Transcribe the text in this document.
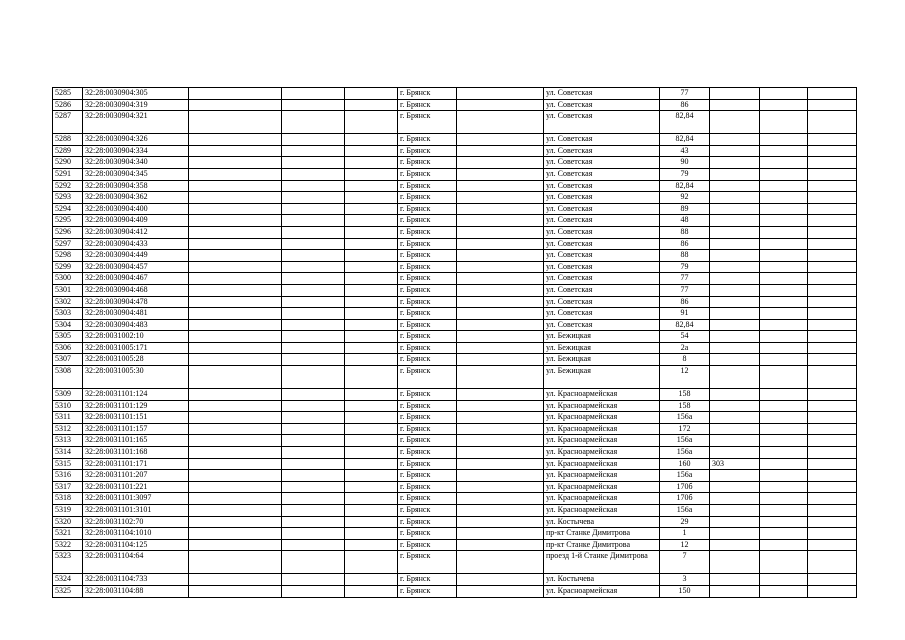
5285	32:28:0030904:305				г. Брянск		ул. Советская	77			
5286	32:28:0030904:319				г. Брянск		ул. Советская	86			
5287	32:28:0030904:321				г. Брянск		ул. Советская	82,84			
5288	32:28:0030904:326				г. Брянск		ул. Советская	82,84			
5289	32:28:0030904:334				г. Брянск		ул. Советская	43			
5290	32:28:0030904:340				г. Брянск		ул. Советская	90			
5291	32:28:0030904:345				г. Брянск		ул. Советская	79			
5292	32:28:0030904:358				г. Брянск		ул. Советская	82,84			
5293	32:28:0030904:362				г. Брянск		ул. Советская	92			
5294	32:28:0030904:400				г. Брянск		ул. Советская	89			
5295	32:28:0030904:409				г. Брянск		ул. Советская	48			
5296	32:28:0030904:412				г. Брянск		ул. Советская	88			
5297	32:28:0030904:433				г. Брянск		ул. Советская	86			
5298	32:28:0030904:449				г. Брянск		ул. Советская	88			
5299	32:28:0030904:457				г. Брянск		ул. Советская	79			
5300	32:28:0030904:467				г. Брянск		ул. Советская	77			
5301	32:28:0030904:468				г. Брянск		ул. Советская	77			
5302	32:28:0030904:478				г. Брянск		ул. Советская	86			
5303	32:28:0030904:481				г. Брянск		ул. Советская	91			
5304	32:28:0030904:483				г. Брянск		ул. Советская	82,84			
5305	32:28:0031002:10				г. Брянск		ул. Бежицкая	54			
5306	32:28:0031005:171				г. Брянск		ул. Бежицкая	2а			
5307	32:28:0031005:28				г. Брянск		ул. Бежицкая	8			
5308	32:28:0031005:30				г. Брянск		ул. Бежицкая	12			
5309	32:28:0031101:124				г. Брянск		ул. Красноармейская	158			
5310	32:28:0031101:129				г. Брянск		ул. Красноармейская	158			
5311	32:28:0031101:151				г. Брянск		ул. Красноармейская	156а			
5312	32:28:0031101:157				г. Брянск		ул. Красноармейская	172			
5313	32:28:0031101:165				г. Брянск		ул. Красноармейская	156а			
5314	32:28:0031101:168				г. Брянск		ул. Красноармейская	156а			
5315	32:28:0031101:171				г. Брянск		ул. Красноармейская	160	303		
5316	32:28:0031101:207				г. Брянск		ул. Красноармейская	156а			
5317	32:28:0031101:221				г. Брянск		ул. Красноармейская	170б			
5318	32:28:0031101:3097				г. Брянск		ул. Красноармейская	170б			
5319	32:28:0031101:3101				г. Брянск		ул. Красноармейская	156а			
5320	32:28:0031102:70				г. Брянск		ул. Костычева	29			
5321	32:28:0031104:1010				г. Брянск		пр-кт Станке Димитрова	1			
5322	32:28:0031104:125				г. Брянск		пр-кт Станке Димитрова	12			
5323	32:28:0031104:64				г. Брянск		проезд 1-й Станке Димитрова	7			
5324	32:28:0031104:733				г. Брянск		ул. Костычева	3			
5325	32:28:0031104:88				г. Брянск		ул. Красноармейская	150			
